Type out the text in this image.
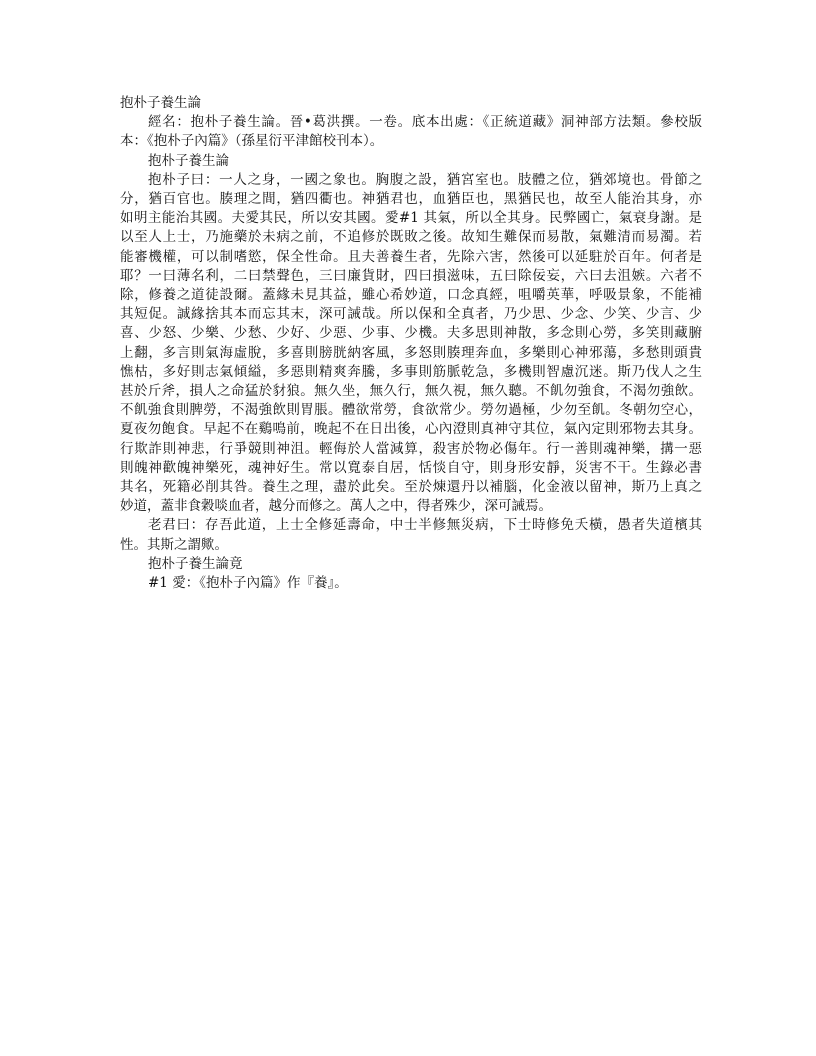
抱朴子養生論
經名：抱朴子養生論。晉•葛洪撰。一卷。底本出處：《正統道藏》洞神部方法類。參校版
本：《抱朴子內篇》（孫星衍平津館校刊本）。
抱朴子養生論
抱朴子曰：一人之身，一國之象也。胸腹之設，猶宮室也。肢體之位，猶郊境也。骨節之
分，猶百官也。腠理之間，猶四衢也。神猶君也，血猶臣也，黑猶民也，故至人能治其身，亦
如明主能治其國。夫愛其民，所以安其國。愛#1 其氣，所以全其身。民弊國亡，氣衰身謝。是
以至人上士，乃施藥於未病之前，不追修於既敗之後。故知生難保而易散，氣難清而易濁。若
能審機權，可以制嗜慾，保全性命。且夫善養生者，先除六害，然後可以延駐於百年。何者是
耶？一曰薄名利，二曰禁聲色，三曰廉貨財，四曰損滋味，五曰除佞妄，六曰去沮嫉。六者不
除，修養之道徒設爾。蓋緣未見其益，雖心希妙道，口念真經，咀嚼英華，呼吸景象，不能補
其短促。誠緣捨其本而忘其末，深可誡哉。所以保和全真者，乃少思、少念、少笑、少言、少
喜、少怒、少樂、少愁、少好、少惡、少事、少機。夫多思則神散，多念則心勞，多笑則藏腑
上翻，多言則氣海虛脫，多喜則膀胱納客風，多怒則腠理奔血，多樂則心神邪蕩，多愁則頭貴
憔枯，多好則志氣傾縊，多惡則精爽奔騰，多事則筋脈乾急，多機則智慮沉迷。斯乃伐人之生
甚於斤斧，損人之命猛於豺狼。無久坐，無久行，無久視，無久聽。不飢勿強食，不渴勿強飲。
不飢強食則脾勞，不渴強飲則胃脹。體欲常勞，食欲常少。勞勿過極，少勿至飢。冬朝勿空心，
夏夜勿飽食。早起不在鷄鳴前，晚起不在日出後，心內澄則真神守其位，氣內定則邪物去其身。
行欺詐則神悲，行爭競則神沮。輕侮於人當減算，殺害於物必傷年。行一善則魂神樂，搆一惡
則魄神歡魄神樂死，魂神好生。常以寬泰自居，恬惔自守，則身形安靜，災害不干。生錄必書
其名，死籍必削其咎。養生之理，盡於此矣。至於煉還丹以補腦，化金液以留神，斯乃上真之
妙道，蓋非食穀啖血者，越分而修之。萬人之中，得者殊少，深可誡焉。
老君曰：存吾此道，上士全修延壽命，中士半修無災病，下士時修免夭橫，愚者失道檳其
性。其斯之謂歟。
抱朴子養生論竟
#1 愛：《抱朴子內篇》作『養』。
